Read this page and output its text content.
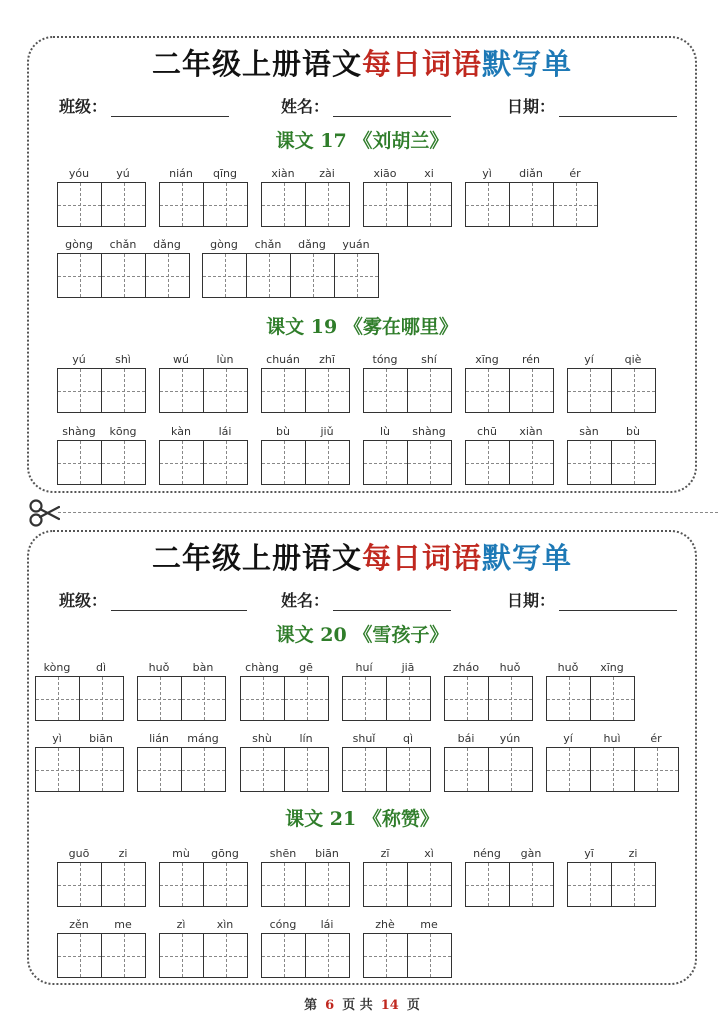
二年级上册语文每日词语默写单
班级：	姓名：	日期：
课文 17 《刘胡兰》
课文 19 《雾在哪里》
二年级上册语文每日词语默写单
班级：	姓名：	日期：
课文 20 《雪孩子》
课文 21 《称赞》
yóu	yú	nián	qīng	xiàn	zài	xiāo	xi	yì	diǎn	ér
gòng	chǎn	dǎng	gòng	chǎn	dǎng	yuán
yú	shì	wú	lùn	chuán	zhī	tóng	shí	xīng	rén	yí	qiè
shàng	kōng	kàn	lái	bù	jiǔ	lù	shàng	chū	xiàn	sàn	bù
kòng	dì	huǒ	bàn	chàng	gē	huí	jiā	zháo	huǒ	huǒ	xīng
yì	biān	lián	máng	shù	lín	shuǐ	qì	bái	yún	yí	huì	ér
guō	zi	mù	gōng	shēn	biān	zī	xì	néng	gàn	yī	zi
zěn	me	zì	xìn	cóng	lái	zhè	me
第 6 页 共 14 页
